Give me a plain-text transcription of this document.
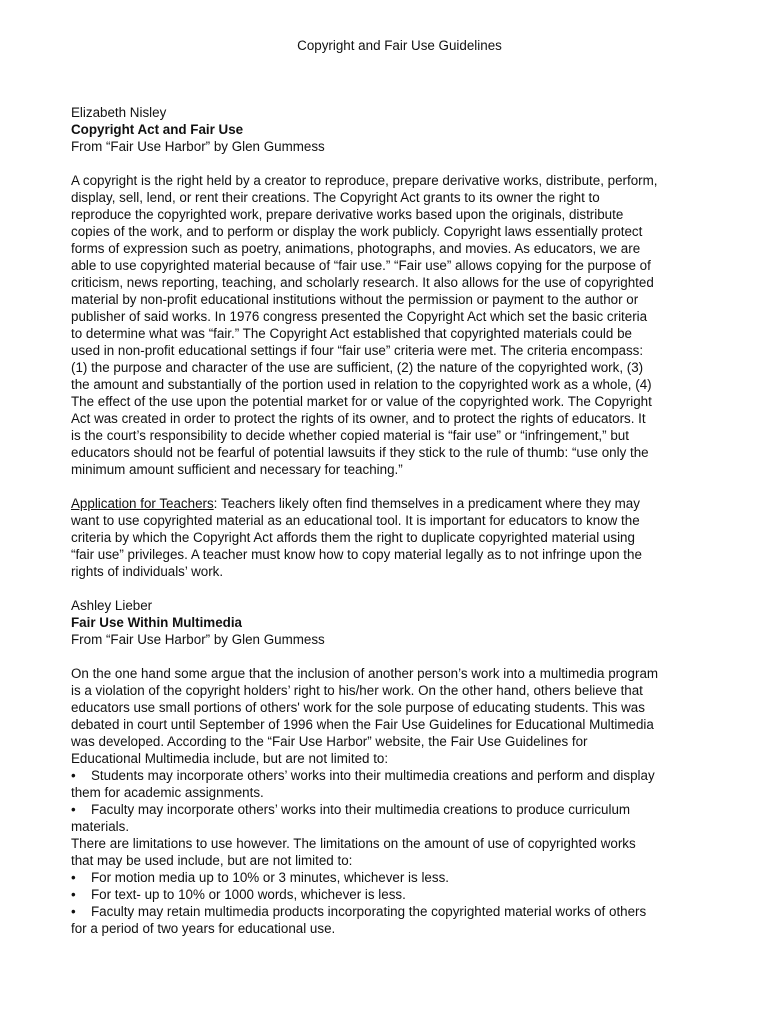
Copyright and Fair Use Guidelines
Elizabeth Nisley
Copyright Act and Fair Use
From “Fair Use Harbor” by Glen Gummess
A copyright is the right held by a creator to reproduce, prepare derivative works, distribute, perform,
display, sell, lend, or rent their creations. The Copyright Act grants to its owner the right to
reproduce the copyrighted work, prepare derivative works based upon the originals, distribute
copies of the work, and to perform or display the work publicly. Copyright laws essentially protect
forms of expression such as poetry, animations, photographs, and movies. As educators, we are
able to use copyrighted material because of “fair use.” “Fair use” allows copying for the purpose of
criticism, news reporting, teaching, and scholarly research. It also allows for the use of copyrighted
material by non-profit educational institutions without the permission or payment to the author or
publisher of said works. In 1976 congress presented the Copyright Act which set the basic criteria
to determine what was “fair.” The Copyright Act established that copyrighted materials could be
used in non-profit educational settings if four “fair use” criteria were met. The criteria encompass:
(1) the purpose and character of the use are sufficient, (2) the nature of the copyrighted work, (3)
the amount and substantially of the portion used in relation to the copyrighted work as a whole, (4)
The effect of the use upon the potential market for or value of the copyrighted work. The Copyright
Act was created in order to protect the rights of its owner, and to protect the rights of educators. It
is the court’s responsibility to decide whether copied material is “fair use” or “infringement,” but
educators should not be fearful of potential lawsuits if they stick to the rule of thumb: “use only the
minimum amount sufficient and necessary for teaching.”
Application for Teachers: Teachers likely often find themselves in a predicament where they may
want to use copyrighted material as an educational tool. It is important for educators to know the
criteria by which the Copyright Act affords them the right to duplicate copyrighted material using
“fair use” privileges. A teacher must know how to copy material legally as to not infringe upon the
rights of individuals’ work.
Ashley Lieber
Fair Use Within Multimedia
From “Fair Use Harbor” by Glen Gummess
On the one hand some argue that the inclusion of another person’s work into a multimedia program
is a violation of the copyright holders’ right to his/her work. On the other hand, others believe that
educators use small portions of others' work for the sole purpose of educating students. This was
debated in court until September of 1996 when the Fair Use Guidelines for Educational Multimedia
was developed. According to the “Fair Use Harbor” website, the Fair Use Guidelines for
Educational Multimedia include, but are not limited to:
• Students may incorporate others’ works into their multimedia creations and perform and display
them for academic assignments.
• Faculty may incorporate others’ works into their multimedia creations to produce curriculum
materials.
There are limitations to use however. The limitations on the amount of use of copyrighted works
that may be used include, but are not limited to:
• For motion media up to 10% or 3 minutes, whichever is less.
• For text- up to 10% or 1000 words, whichever is less.
• Faculty may retain multimedia products incorporating the copyrighted material works of others
for a period of two years for educational use.
